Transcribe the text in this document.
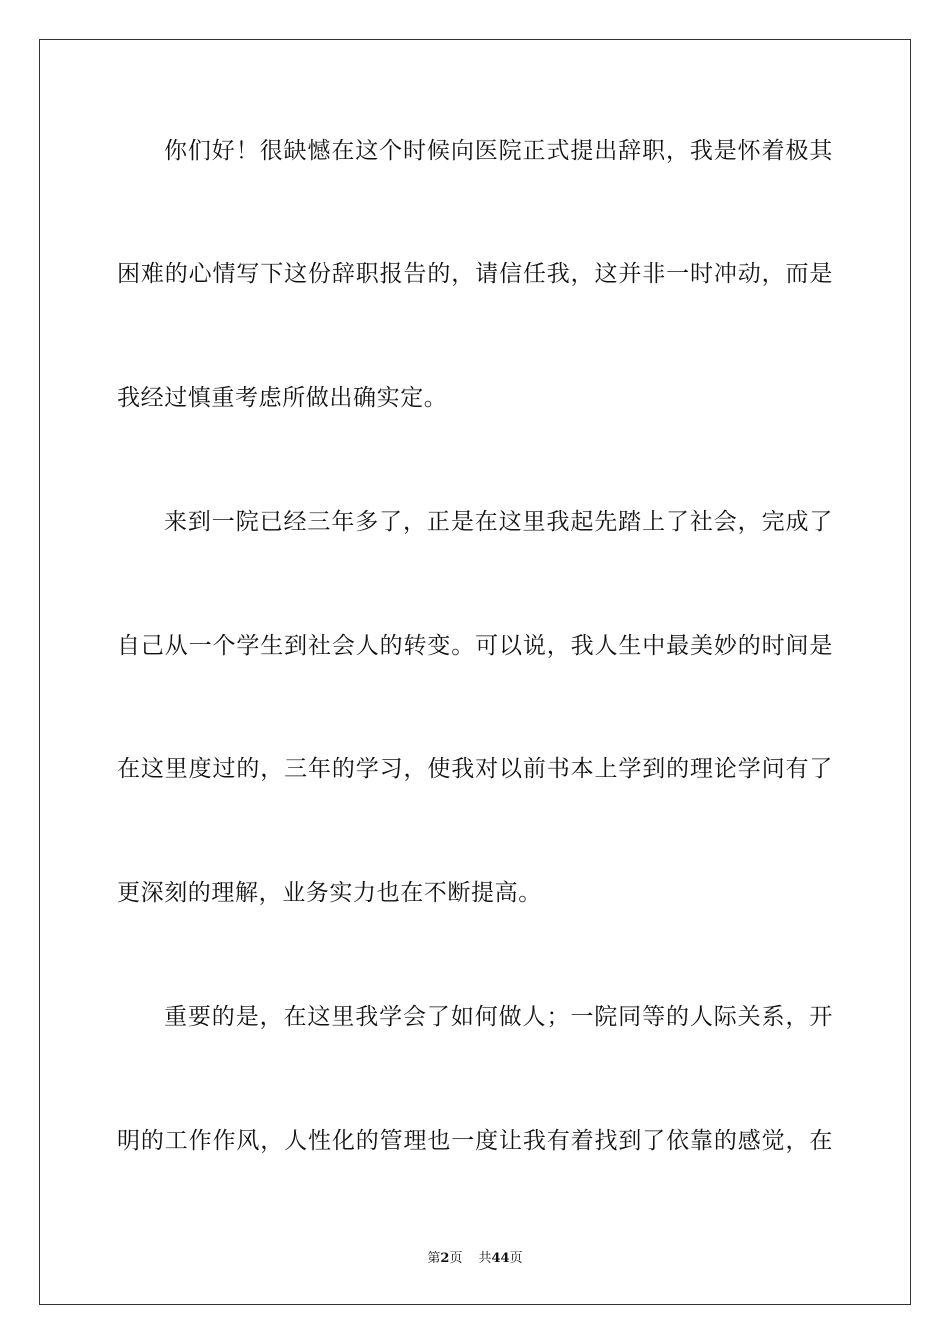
你们好！很缺憾在这个时候向医院正式提出辞职，我是怀着极其
困难的心情写下这份辞职报告的，请信任我，这并非一时冲动，而是
我经过慎重考虑所做出确实定。
来到一院已经三年多了，正是在这里我起先踏上了社会，完成了
自己从一个学生到社会人的转变。可以说，我人生中最美妙的时间是
在这里度过的，三年的学习，使我对以前书本上学到的理论学问有了
更深刻的理解，业务实力也在不断提高。
重要的是，在这里我学会了如何做人；一院同等的人际关系，开
明的工作作风，人性化的管理也一度让我有着找到了依靠的感觉，在
第2页 共44页
